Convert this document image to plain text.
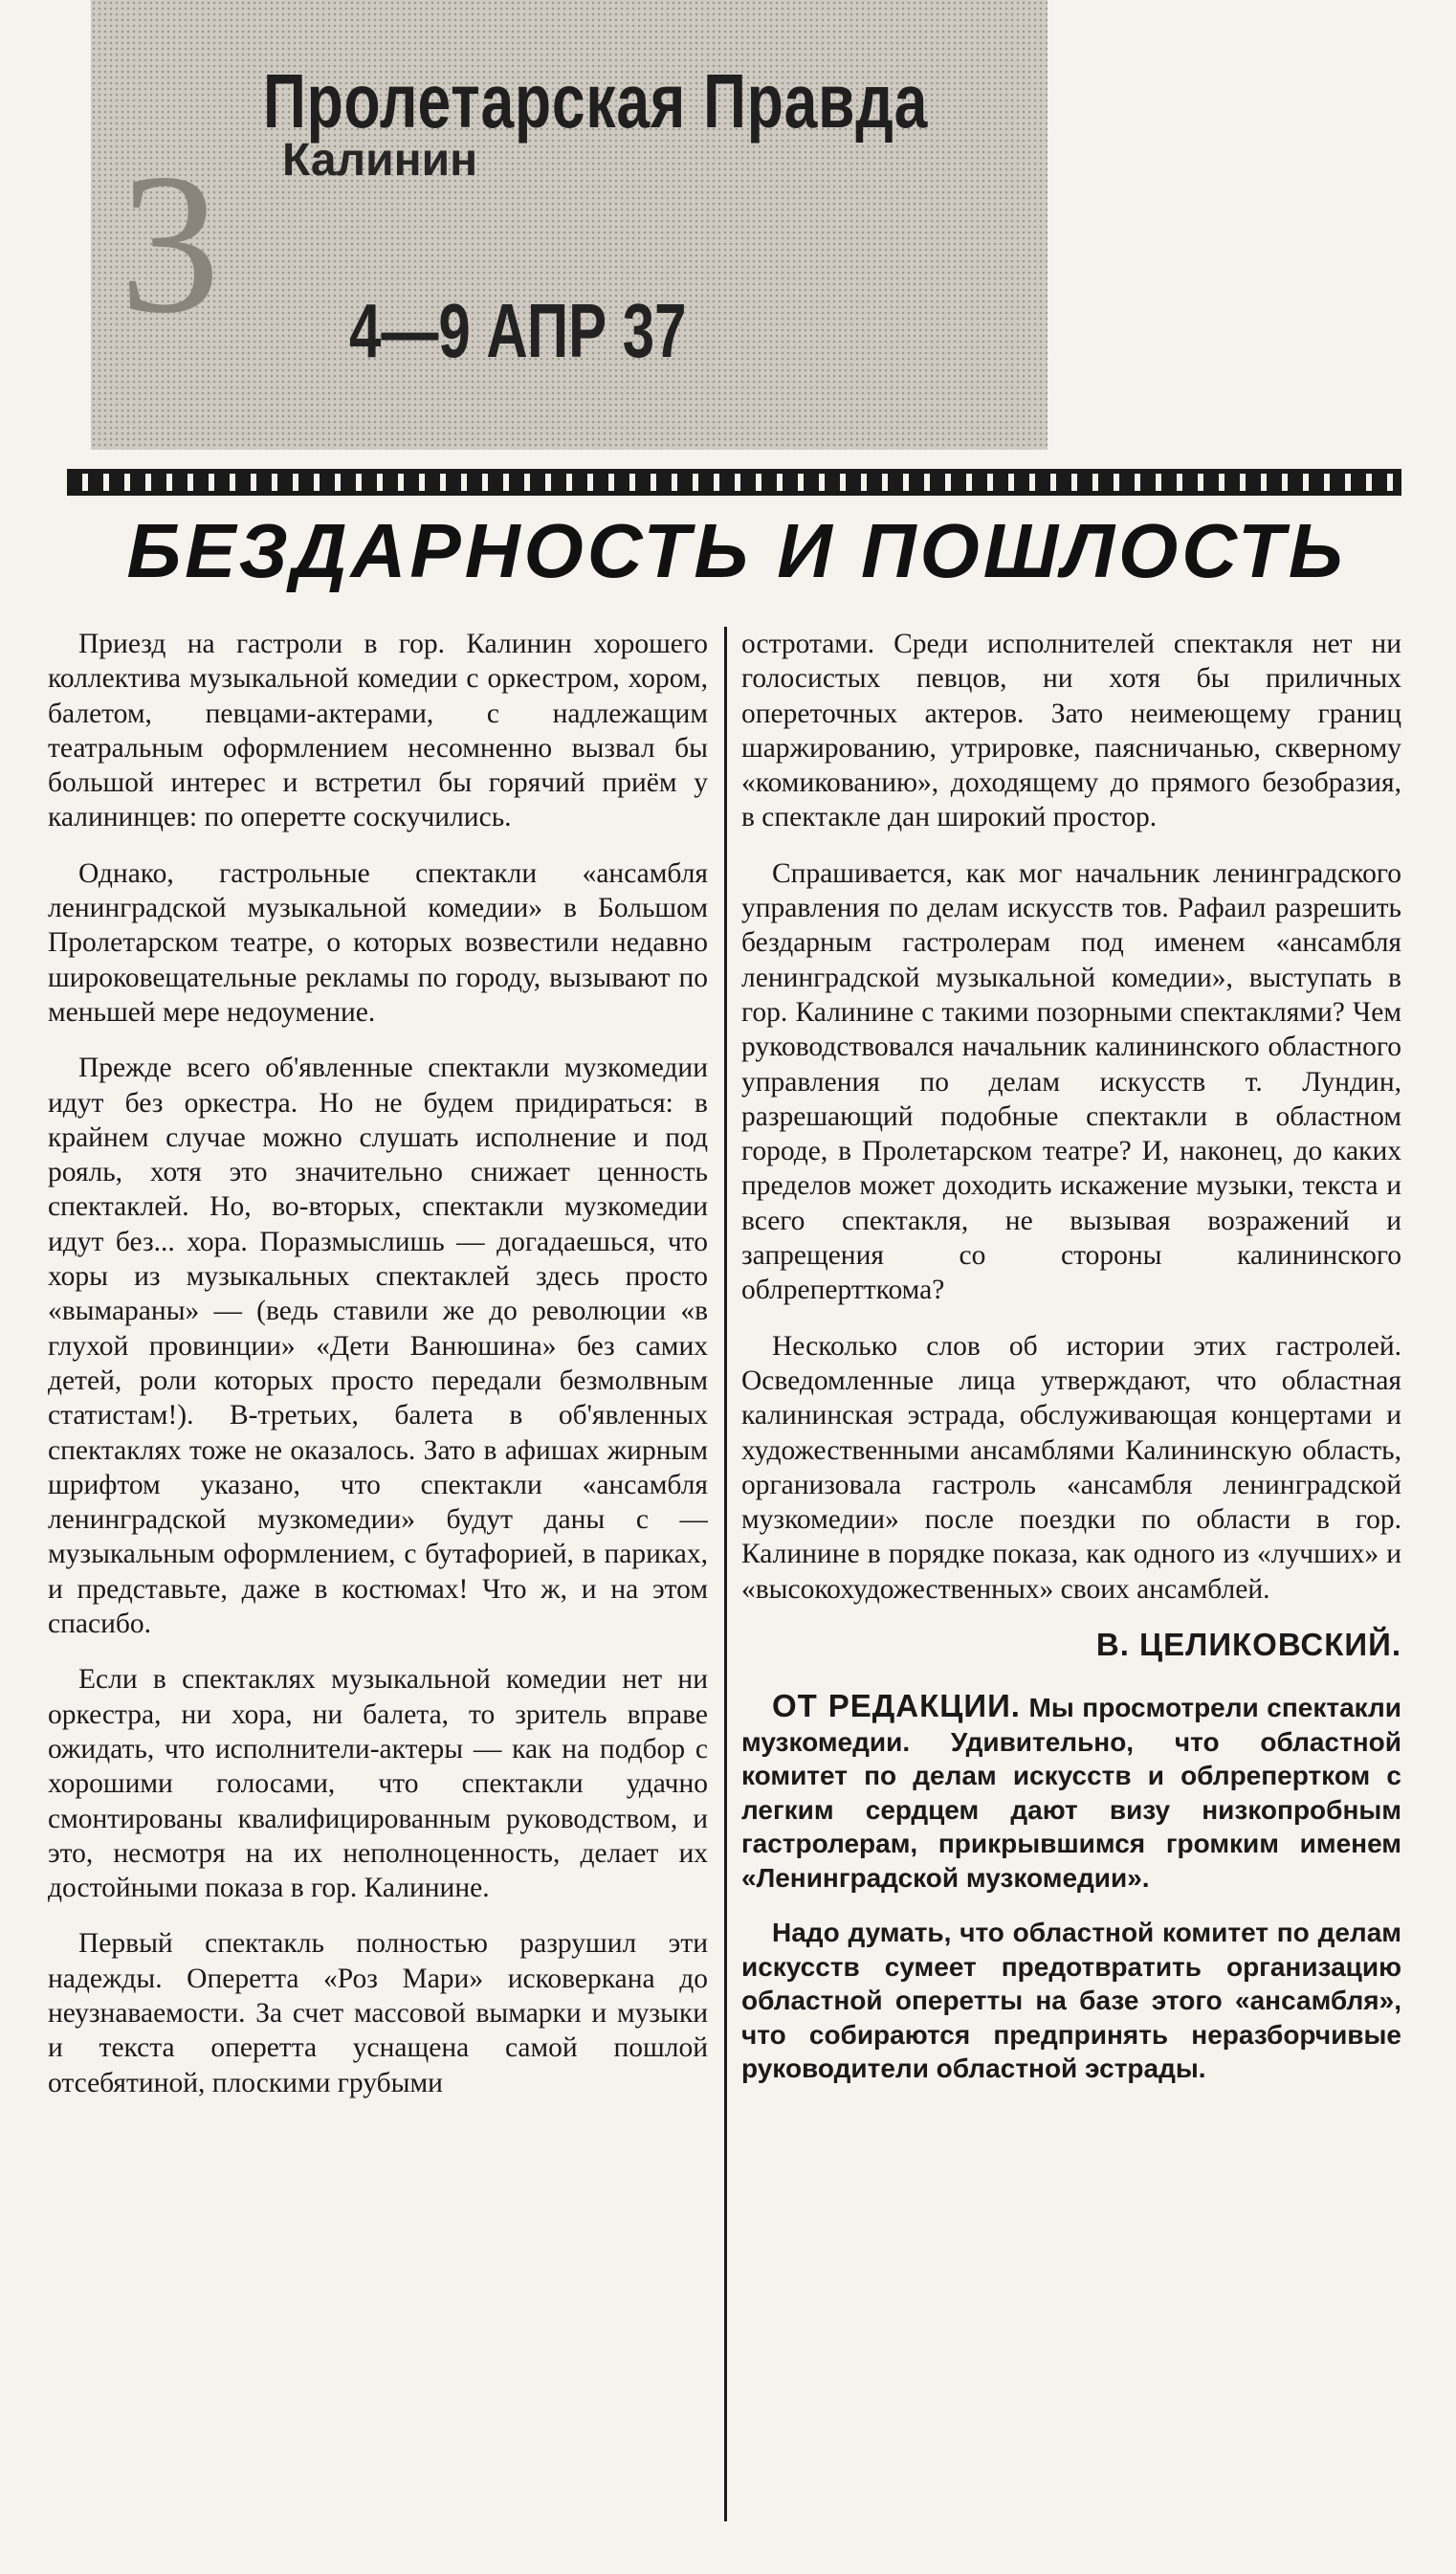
3
Пролетарская Правда
Калинин
4—9 АПР 37
БЕЗДАРНОСТЬ И ПОШЛОСТЬ

Приезд на гастроли в гор. Калинин хорошего коллектива музыкальной комедии с оркестром, хором, балетом, певцами-актерами, с надлежащим театральным оформлением несомненно вызвал бы большой интерес и встретил бы горячий приём у калининцев: по оперетте соскучились.

Однако, гастрольные спектакли «ансамбля ленинградской музыкальной комедии» в Большом Пролетарском театре, о которых возвестили недавно широковещательные рекламы по городу, вызывают по меньшей мере недоумение.

Прежде всего об'явленные спектакли музкомедии идут без оркестра. Но не будем придираться: в крайнем случае можно слушать исполнение и под рояль, хотя это значительно снижает ценность спектаклей. Но, во-вторых, спектакли музкомедии идут без... хора. Поразмыслишь — догадаешься, что хоры из музыкальных спектаклей здесь просто «вымараны» — (ведь ставили же до революции «в глухой провинции» «Дети Ванюшина» без самих детей, роли которых просто передали безмолвным статистам!). В-третьих, балета в об'явленных спектаклях тоже не оказалось. Зато в афишах жирным шрифтом указано, что спектакли «ансамбля ленинградской музкомедии» будут даны с — музыкальным оформлением, с бутафорией, в париках, и представьте, даже в костюмах! Что ж, и на этом спасибо.

Если в спектаклях музыкальной комедии нет ни оркестра, ни хора, ни балета, то зритель вправе ожидать, что исполнители-актеры — как на подбор с хорошими голосами, что спектакли удачно смонтированы квалифицированным руководством, и это, несмотря на их неполноценность, делает их достойными показа в гор. Калинине.

Первый спектакль полностью разрушил эти надежды. Оперетта «Роз Мари» исковеркана до неузнаваемости. За счет массовой вымарки и музыки и текста оперетта уснащена самой пошлой отсебятиной, плоскими грубыми

остротами. Среди исполнителей спектакля нет ни голосистых певцов, ни хотя бы приличных опереточных актеров. Зато неимеющему границ шаржированию, утрировке, паясничанью, скверному «комикованию», доходящему до прямого безобразия, в спектакле дан широкий простор.

Спрашивается, как мог начальник ленинградского управления по делам искусств тов. Рафаил разрешить бездарным гастролерам под именем «ансамбля ленинградской музыкальной комедии», выступать в гор. Калинине с такими позорными спектаклями? Чем руководствовался начальник калининского областного управления по делам искусств т. Лундин, разрешающий подобные спектакли в областном городе, в Пролетарском театре? И, наконец, до каких пределов может доходить искажение музыки, текста и всего спектакля, не вызывая возражений и запрещения со стороны калининского облрепертткома?

Несколько слов об истории этих гастролей. Осведомленные лица утверждают, что областная калининская эстрада, обслуживающая концертами и художественными ансамблями Калининскую область, организовала гастроль «ансамбля ленинградской музкомедии» после поездки по области в гор. Калинине в порядке показа, как одного из «лучших» и «высокохудожественных» своих ансамблей.

В. ЦЕЛИКОВСКИЙ.

ОТ РЕДАКЦИИ. Мы просмотрели спектакли музкомедии. Удивительно, что областной комитет по делам искусств и облрепертком с легким сердцем дают визу низкопробным гастролерам, прикрывшимся громким именем «Ленинградской музкомедии».

Надо думать, что областной комитет по делам искусств сумеет предотвратить организацию областной оперетты на базе этого «ансамбля», что собираются предпринять неразборчивые руководители областной эстрады.
